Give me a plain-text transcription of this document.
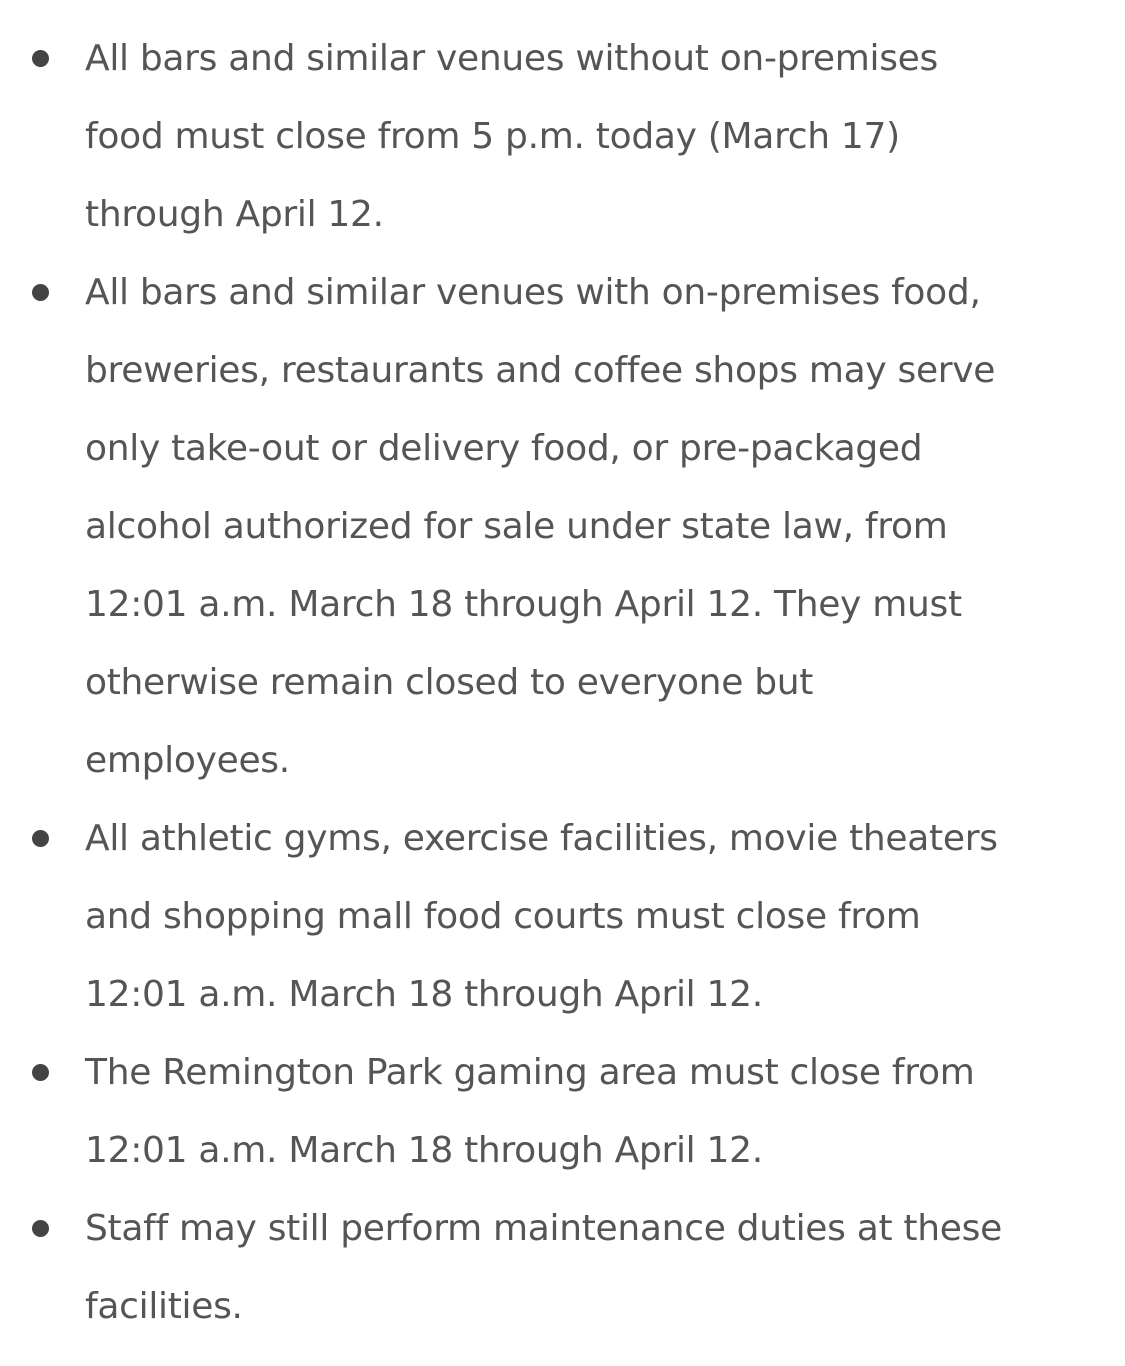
All bars and similar venues without on-premises
food must close from 5 p.m. today (March 17)
through April 12.
All bars and similar venues with on-premises food,
breweries, restaurants and coffee shops may serve
only take-out or delivery food, or pre-packaged
alcohol authorized for sale under state law, from
12:01 a.m. March 18 through April 12. They must
otherwise remain closed to everyone but
employees.
All athletic gyms, exercise facilities, movie theaters
and shopping mall food courts must close from
12:01 a.m. March 18 through April 12.
The Remington Park gaming area must close from
12:01 a.m. March 18 through April 12.
Staff may still perform maintenance duties at these
facilities.
